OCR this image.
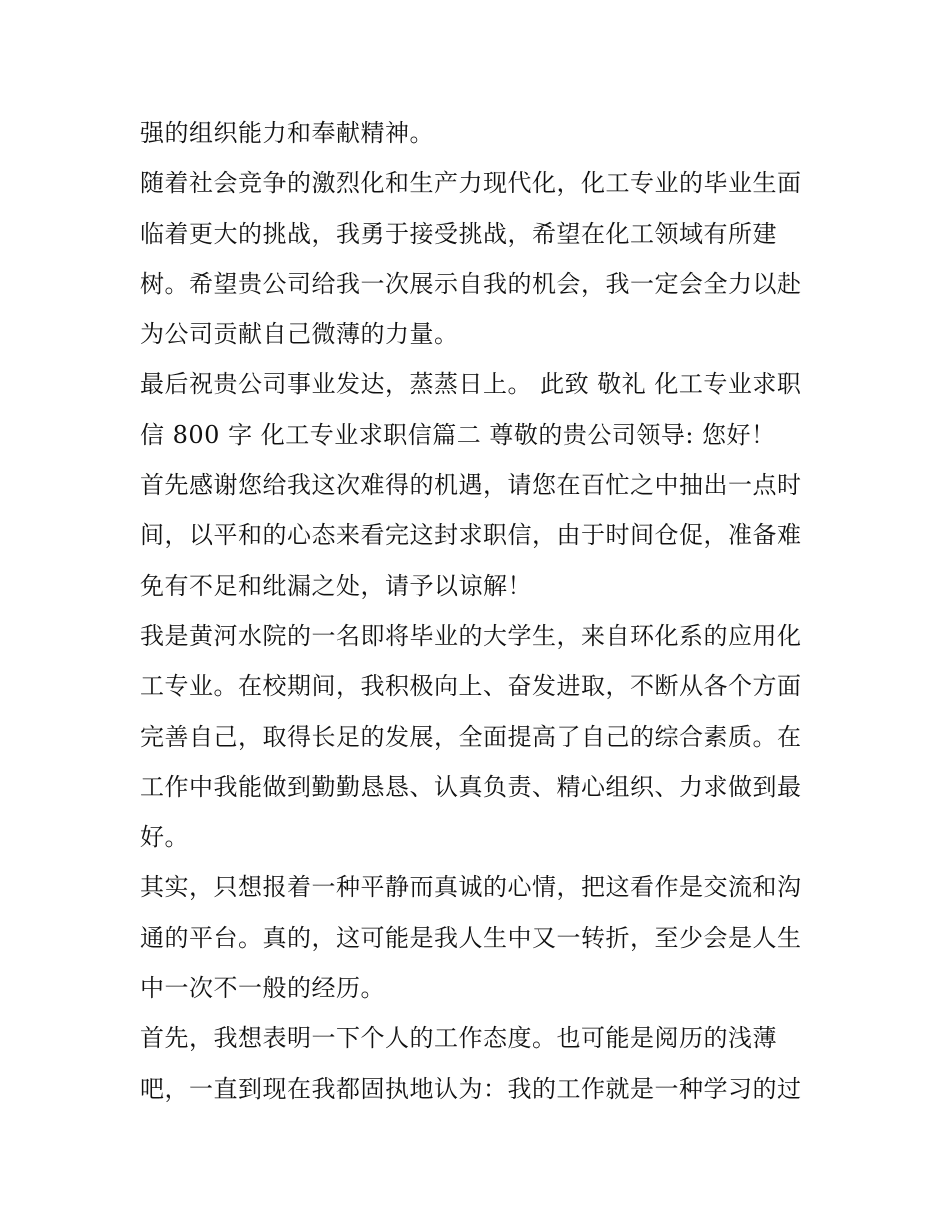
强的组织能力和奉献精神。
随着社会竞争的激烈化和生产力现代化，化工专业的毕业生面
临着更大的挑战，我勇于接受挑战，希望在化工领域有所建
树。希望贵公司给我一次展示自我的机会，我一定会全力以赴
为公司贡献自己微薄的力量。
最后祝贵公司事业发达，蒸蒸日上。 此致 敬礼 化工专业求职
信 800 字 化工专业求职信篇二 尊敬的贵公司领导: 您好！
首先感谢您给我这次难得的机遇，请您在百忙之中抽出一点时
间，以平和的心态来看完这封求职信，由于时间仓促，准备难
免有不足和纰漏之处，请予以谅解！
我是黄河水院的一名即将毕业的大学生，来自环化系的应用化
工专业。在校期间，我积极向上、奋发进取，不断从各个方面
完善自己，取得长足的发展，全面提高了自己的综合素质。在
工作中我能做到勤勤恳恳、认真负责、精心组织、力求做到最
好。
其实，只想报着一种平静而真诚的心情，把这看作是交流和沟
通的平台。真的，这可能是我人生中又一转折，至少会是人生
中一次不一般的经历。
首先，我想表明一下个人的工作态度。也可能是阅历的浅薄
吧，一直到现在我都固执地认为：我的工作就是一种学习的过
